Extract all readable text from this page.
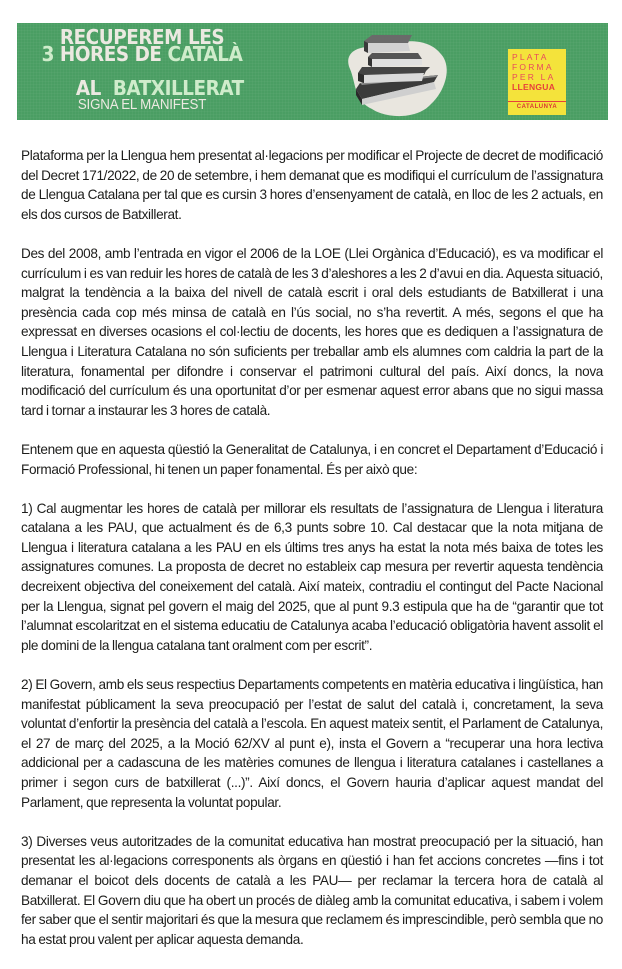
RECUPEREM LES
3 HORES DE CATALÀ

AL  BATXILLERAT

SIGNA EL MANIFEST
PLATA
FORMA
PER LA
LLENGUA
CATALUNYA

Plataforma per la Llengua hem presentat al·legacions per modificar el Projecte de decret de modificació del Decret 171/2022, de 20 de setembre, i hem demanat que es modifiqui el currículum de l’assignatura de Llengua Catalana per tal que es cursin 3 hores d’ensenyament de català, en lloc de les 2 actuals, en els dos cursos de Batxillerat.

Des del 2008, amb l’entrada en vigor el 2006 de la LOE (Llei Orgànica d’Educació), es va modificar el currículum i es van reduir les hores de català de les 3 d’aleshores a les 2 d’avui en dia. Aquesta situació, malgrat la tendència a la baixa del nivell de català escrit i oral dels estudiants de Batxillerat i una presència cada cop més minsa de català en l’ús social, no s’ha revertit. A més, segons el que ha expressat en diverses ocasions el col·lectiu de docents, les hores que es dediquen a l’assignatura de Llengua i Literatura Catalana no són suficients per treballar amb els alumnes com caldria la part de la literatura, fonamental per difondre i conservar el patrimoni cultural del país. Així doncs, la nova modificació del currículum és una oportunitat d’or per esmenar aquest error abans que no sigui massa tard i tornar a instaurar les 3 hores de català.

Entenem que en aquesta qüestió la Generalitat de Catalunya, i en concret el Departament d’Educació i Formació Professional, hi tenen un paper fonamental. És per això que:

1) Cal augmentar les hores de català per millorar els resultats de l’assignatura de Llengua i literatura catalana a les PAU, que actualment és de 6,3 punts sobre 10. Cal destacar que la nota mitjana de Llengua i literatura catalana a les PAU en els últims tres anys ha estat la nota més baixa de totes les assignatures comunes. La proposta de decret no estableix cap mesura per revertir aquesta tendència decreixent objectiva del coneixement del català. Així mateix, contradiu el contingut del Pacte Nacional per la Llengua, signat pel govern el maig del 2025, que al punt 9.3 estipula que ha de “garantir que tot l’alumnat escolaritzat en el sistema educatiu de Catalunya acaba l’educació obligatòria havent assolit el ple domini de la llengua catalana tant oralment com per escrit”.

2) El Govern, amb els seus respectius Departaments competents en matèria educativa i lingüística, han manifestat públicament la seva preocupació per l’estat de salut del català i, concretament, la seva voluntat d’enfortir la presència del català a l’escola. En aquest mateix sentit, el Parlament de Catalunya, el 27 de març del 2025, a la Moció 62/XV al punt e), insta el Govern a “recuperar una hora lectiva addicional per a cadascuna de les matèries comunes de llengua i literatura catalanes i castellanes a primer i segon curs de batxillerat (...)”. Així doncs, el Govern hauria d’aplicar aquest mandat del Parlament, que representa la voluntat popular.

3) Diverses veus autoritzades de la comunitat educativa han mostrat preocupació per la situació, han presentat les al·legacions corresponents als òrgans en qüestió i han fet accions concretes —fins i tot demanar el boicot dels docents de català a les PAU— per reclamar la tercera hora de català al Batxillerat. El Govern diu que ha obert un procés de diàleg amb la comunitat educativa, i sabem i volem fer saber que el sentir majoritari és que la mesura que reclamem és imprescindible, però sembla que no ha estat prou valent per aplicar aquesta demanda.
